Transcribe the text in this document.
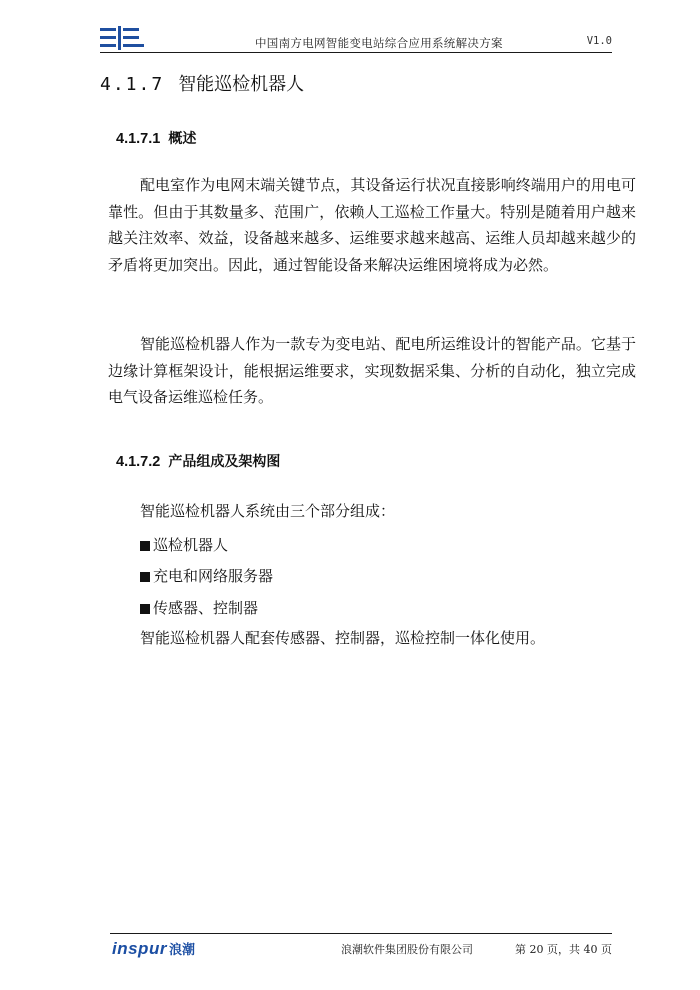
中国南方电网智能变电站综合应用系统解决方案	V1.0
4.1.7 智能巡检机器人
4.1.7.1 概述
配电室作为电网末端关键节点，其设备运行状况直接影响终端用户的用电可靠性。但由于其数量多、范围广，依赖人工巡检工作量大。特别是随着用户越来越关注效率、效益，设备越来越多、运维要求越来越高、运维人员却越来越少的矛盾将更加突出。因此，通过智能设备来解决运维困境将成为必然。
智能巡检机器人作为一款专为变电站、配电所运维设计的智能产品。它基于边缘计算框架设计，能根据运维要求，实现数据采集、分析的自动化，独立完成电气设备运维巡检任务。
4.1.7.2 产品组成及架构图
智能巡检机器人系统由三个部分组成：
巡检机器人
充电和网络服务器
传感器、控制器
智能巡检机器人配套传感器、控制器，巡检控制一体化使用。
inspur 浪潮	浪潮软件集团股份有限公司	第 20 页，共 40 页
